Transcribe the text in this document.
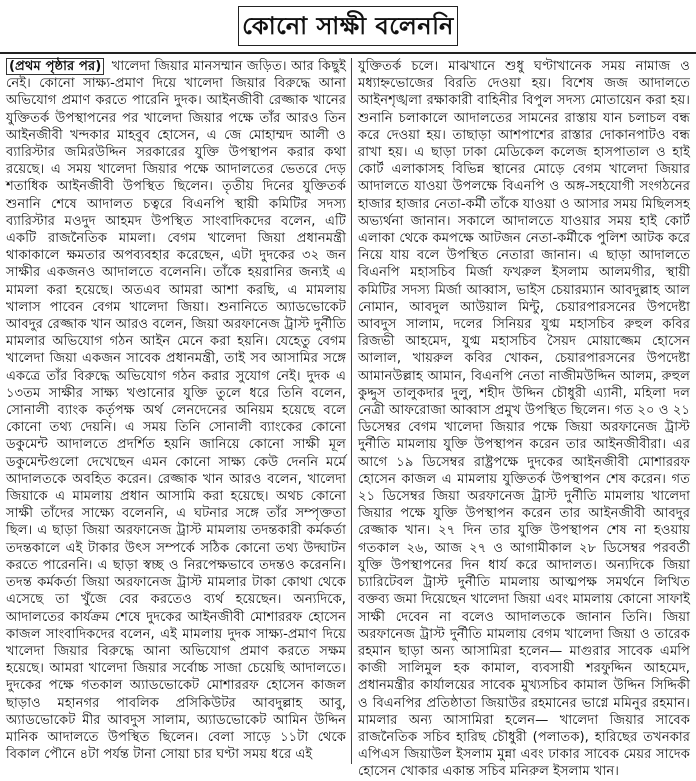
কোনো সাক্ষী বলেননি
(প্রথম পৃষ্ঠার পর) খালেদা জিয়ার মানসম্মান জড়িত। আর কিছুই নেই। কোনো সাক্ষ্য-প্রমাণ দিয়ে খালেদা জিয়ার বিরুদ্ধে আনা অভিযোগ প্রমাণ করতে পারেনি দুদক। আইনজীবী রেজ্জাক খানের যুক্তিতর্ক উপস্থাপনের পর খালেদা জিয়ার পক্ষে তাঁর আরও তিন আইনজীবী খন্দকার মাহবুব হোসেন, এ জে মোহাম্মদ আলী ও ব্যারিস্টার জমিরউদ্দিন সরকারের যুক্তি উপস্থাপন করার কথা রয়েছে। এ সময় খালেদা জিয়ার পক্ষে আদালতের ভেতরে দেড় শতাধিক আইনজীবী উপস্থিত ছিলেন। তৃতীয় দিনের যুক্তিতর্ক শুনানি শেষে আদালত চত্বরে বিএনপি স্থায়ী কমিটির সদস্য ব্যারিস্টার মওদুদ আহমদ উপস্থিত সাংবাদিকদের বলেন, এটি একটি রাজনৈতিক মামলা। বেগম খালেদা জিয়া প্রধানমন্ত্রী থাকাকালে ক্ষমতার অপব্যবহার করেছেন, এটা দুদকের ৩২ জন সাক্ষীর একজনও আদালতে বলেননি। তাঁকে হয়রানির জন্যই এ মামলা করা হয়েছে। অতএব আমরা আশা করছি, এ মামলায় খালাস পাবেন বেগম খালেদা জিয়া। শুনানিতে অ্যাডভোকেট আবদুর রেজ্জাক খান আরও বলেন, জিয়া অরফানেজ ট্রাস্ট দুর্নীতি মামলার অভিযোগ গঠন আইন মেনে করা হয়নি। যেহেতু বেগম খালেদা জিয়া একজন সাবেক প্রধানমন্ত্রী, তাই সব আসামির সঙ্গে একত্রে তাঁর বিরুদ্ধে অভিযোগ গঠন করার সুযোগ নেই। দুদক এ ১৩তম সাক্ষীর সাক্ষ্য খণ্ডানোর যুক্তি তুলে ধরে তিনি বলেন, সোনালী ব্যাংক কর্তৃপক্ষ অর্থ লেনদেনের অনিয়ম হয়েছে বলে কোনো তথ্য দেয়নি। এ সময় তিনি সোনালী ব্যাংকের কোনো ডকুমেন্ট আদালতে প্রদর্শিত হয়নি জানিয়ে কোনো সাক্ষী মূল ডকুমেন্টগুলো দেখেছেন এমন কোনো সাক্ষ্য কেউ দেননি মর্মে আদালতকে অবহিত করেন। রেজ্জাক খান আরও বলেন, খালেদা জিয়াকে এ মামলায় প্রধান আসামি করা হয়েছে। অথচ কোনো সাক্ষী তাঁদের সাক্ষ্যে বলেননি, এ ঘটনার সঙ্গে তাঁর সম্পৃক্ততা ছিল। এ ছাড়া জিয়া অরফানেজ ট্রাস্ট মামলায় তদন্তকারী কর্মকর্তা তদন্তকালে এই টাকার উৎস সম্পর্কে সঠিক কোনো তথ্য উদ্ঘাটন করতে পারেননি। এ ছাড়া স্বচ্ছ ও নিরপেক্ষভাবে তদন্তও করেননি। তদন্ত কর্মকর্তা জিয়া অরফানেজ ট্রাস্ট মামলার টাকা কোথা থেকে এসেছে তা খুঁজে বের করতেও ব্যর্থ হয়েছেন। অন্যদিকে, আদালতের কার্যক্রম শেষে দুদকের আইনজীবী মোশাররফ হোসেন কাজল সাংবাদিকদের বলেন, এই মামলায় দুদক সাক্ষ্য-প্রমাণ দিয়ে খালেদা জিয়ার বিরুদ্ধে আনা অভিযোগ প্রমাণ করতে সক্ষম হয়েছে। আমরা খালেদা জিয়ার সর্বোচ্চ সাজা চেয়েছি আদালতে। দুদকের পক্ষে গতকাল অ্যাডভোকেট মোশাররফ হোসেন কাজল ছাড়াও মহানগর পাবলিক প্রসিকিউটর আবদুল্লাহ আবু, অ্যাডভোকেট মীর আবদুস সালাম, অ্যাডভোকেট আমিন উদ্দিন মানিক আদালতে উপস্থিত ছিলেন। বেলা সাড়ে ১১টা থেকে বিকাল পৌনে ৪টা পর্যন্ত টানা সোয়া চার ঘণ্টা সময় ধরে এই
যুক্তিতর্ক চলে। মাঝখানে শুধু ঘণ্টাখানেক সময় নামাজ ও মধ্যাহ্নভোজের বিরতি দেওয়া হয়। বিশেষ জজ আদালতে আইনশৃঙ্খলা রক্ষাকারী বাহিনীর বিপুল সদস্য মোতায়েন করা হয়। শুনানি চলাকালে আদালতের সামনের রাস্তায় যান চলাচল বন্ধ করে দেওয়া হয়। তাছাড়া আশপাশের রাস্তার দোকানপাটও বন্ধ রাখা হয়। এ ছাড়া ঢাকা মেডিকেল কলেজ হাসপাতাল ও হাই কোর্ট এলাকাসহ বিভিন্ন স্থানের মোড়ে বেগম খালেদা জিয়ার আদালতে যাওয়া উপলক্ষে বিএনপি ও অঙ্গ-সহযোগী সংগঠনের হাজার হাজার নেতা-কর্মী তাঁকে যাওয়া ও আসার সময় মিছিলসহ অভ্যর্থনা জানান। সকালে আদালতে যাওয়ার সময় হাই কোর্ট এলাকা থেকে কমপক্ষে আটজন নেতা-কর্মীকে পুলিশ আটক করে নিয়ে যায় বলে উপস্থিত নেতারা জানান। এ ছাড়া আদালতে বিএনপি মহাসচিব মির্জা ফখরুল ইসলাম আলমগীর, স্থায়ী কমিটির সদস্য মির্জা আব্বাস, ভাইস চেয়ারম্যান আবদুল্লাহ আল নোমান, আবদুল আউয়াল মিন্টু, চেয়ারপারসনের উপদেষ্টা আবদুস সালাম, দলের সিনিয়র যুগ্ম মহাসচিব রুহুল কবির রিজভী আহমেদ, যুগ্ম মহাসচিব সৈয়দ মোয়াজ্জেম হোসেন আলাল, খায়রুল কবির খোকন, চেয়ারপারসনের উপদেষ্টা আমানউল্লাহ আমান, বিএনপি নেতা নাজীমউদ্দিন আলম, রুহুল কুদ্দুস তালুকদার দুলু, শহীদ উদ্দিন চৌধুরী এ্যানী, মহিলা দল নেত্রী আফরোজা আব্বাস প্রমুখ উপস্থিত ছিলেন। গত ২০ ও ২১ ডিসেম্বর বেগম খালেদা জিয়ার পক্ষে জিয়া অরফানেজ ট্রাস্ট দুর্নীতি মামলায় যুক্তি উপস্থাপন করেন তার আইনজীবীরা। এর আগে ১৯ ডিসেম্বর রাষ্ট্রপক্ষে দুদকের আইনজীবী মোশাররফ হোসেন কাজল এ মামলায় যুক্তিতর্ক উপস্থাপন শেষ করেন। গত ২১ ডিসেম্বর জিয়া অরফানেজ ট্রাস্ট দুর্নীতি মামলায় খালেদা জিয়ার পক্ষে যুক্তি উপস্থাপন করেন তার আইনজীবী আবদুর রেজ্জাক খান। ২৭ দিন তার যুক্তি উপস্থাপন শেষ না হওয়ায় গতকাল ২৬, আজ ২৭ ও আগামীকাল ২৮ ডিসেম্বর পরবর্তী যুক্তি উপস্থাপনের দিন ধার্য করে আদালত। অন্যদিকে জিয়া চ্যারিটেবল ট্রাস্ট দুর্নীতি মামলায় আত্মপক্ষ সমর্থনে লিখিত বক্তব্য জমা দিয়েছেন খালেদা জিয়া এবং মামলায় কোনো সাফাই সাক্ষী দেবেন না বলেও আদালতকে জানান তিনি। জিয়া অরফানেজ ট্রাস্ট দুর্নীতি মামলায় বেগম খালেদা জিয়া ও তারেক রহমান ছাড়া অন্য আসামিরা হলেন— মাগুরার সাবেক এমপি কাজী সালিমুল হক কামাল, ব্যবসায়ী শরফুদ্দিন আহমেদ, প্রধানমন্ত্রীর কার্যালয়ের সাবেক মুখ্যসচিব কামাল উদ্দিন সিদ্দিকী ও বিএনপির প্রতিষ্ঠাতা জিয়াউর রহমানের ভাগ্নে মমিনুর রহমান। মামলার অন্য আসামিরা হলেন— খালেদা জিয়ার সাবেক রাজনৈতিক সচিব হারিছ চৌধুরী (পলাতক), হারিছের তখনকার এপিএস জিয়াউল ইসলাম মুন্না এবং ঢাকার সাবেক মেয়র সাদেক হোসেন খোকার একান্ত সচিব মনিরুল ইসলাম খান।
